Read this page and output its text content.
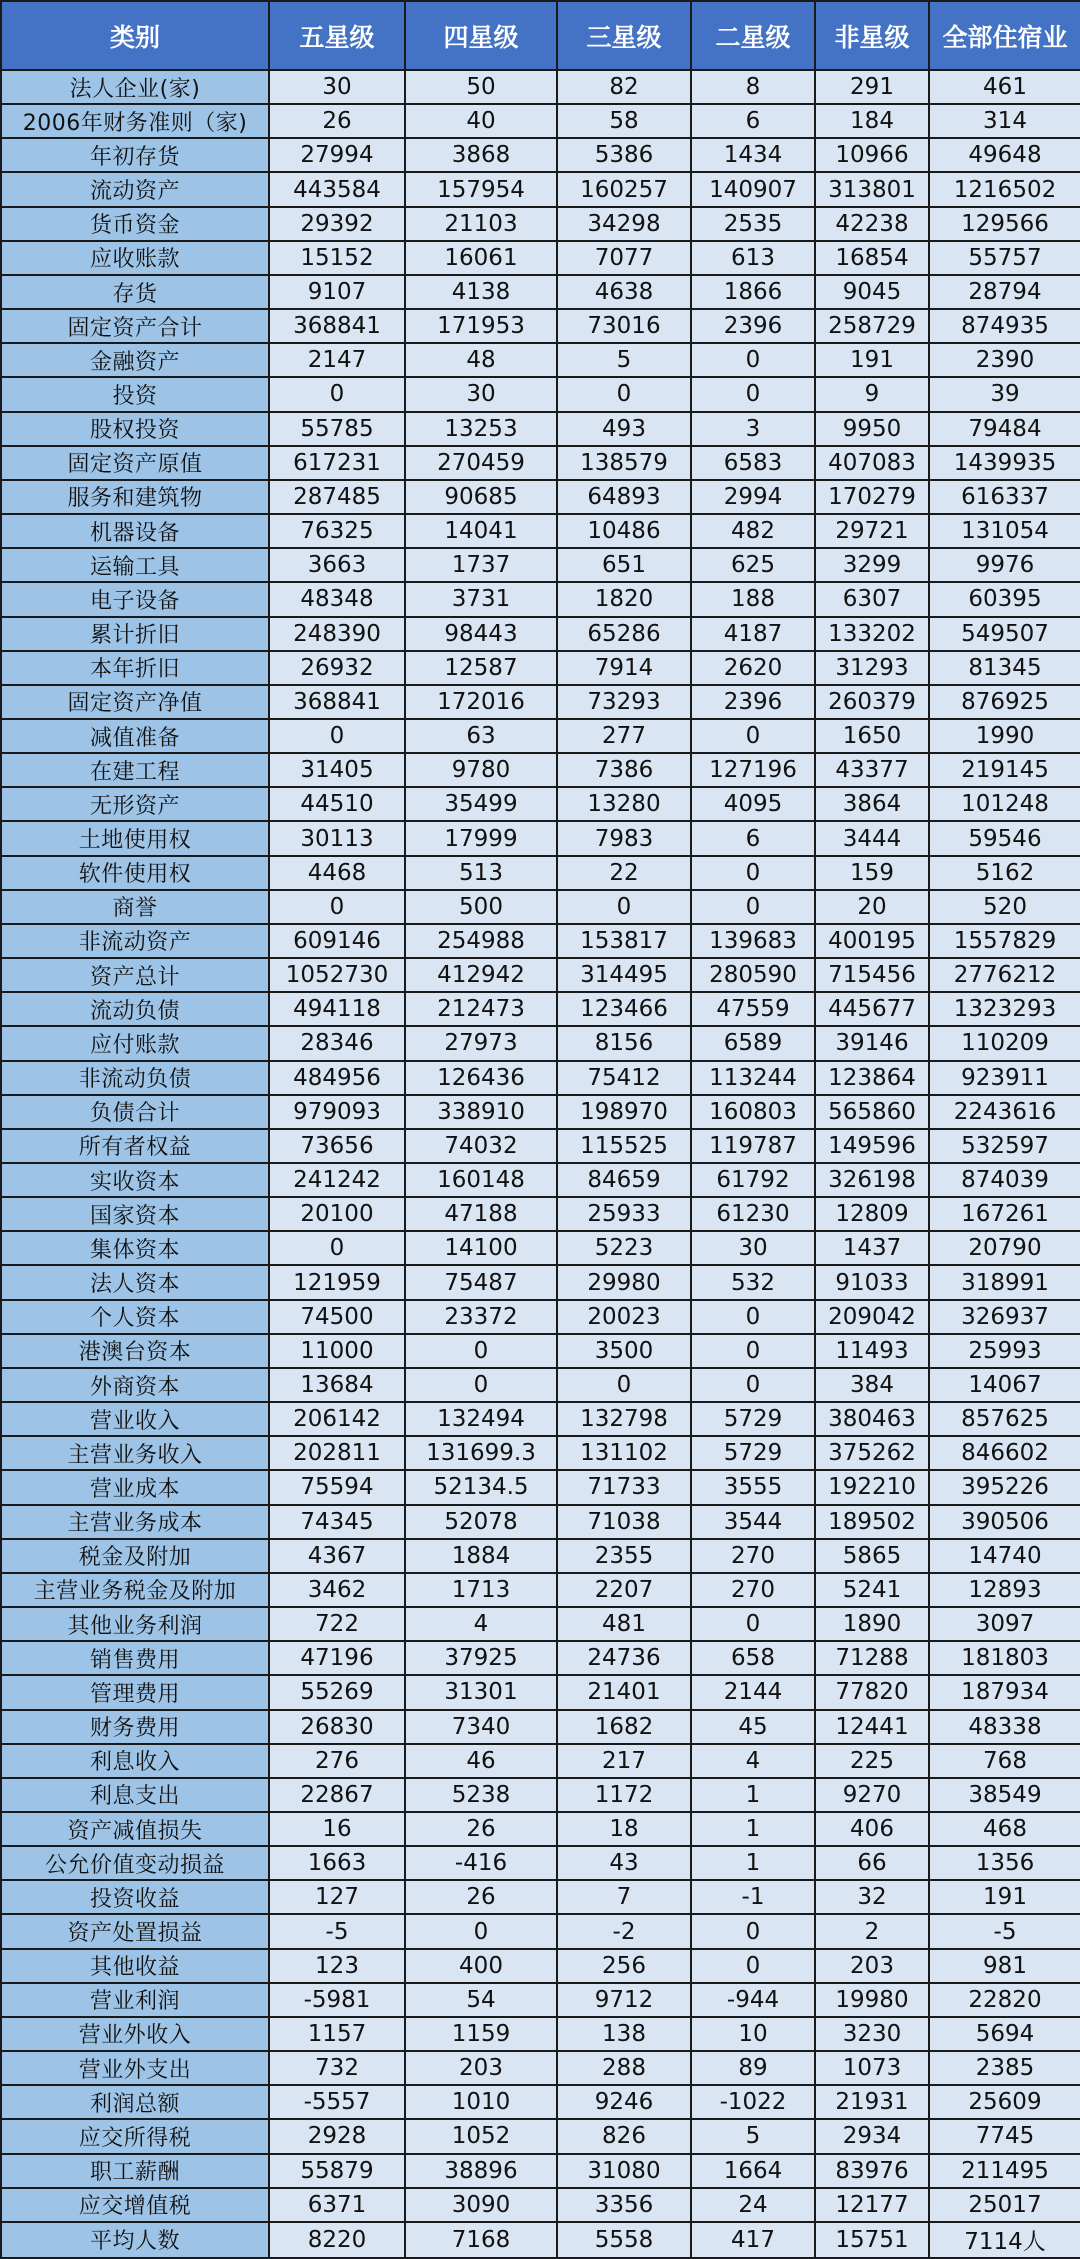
类别	五星级	四星级	三星级	二星级	非星级	全部住宿业
法人企业(家)	30	50	82	8	291	461
2006年财务准则（家)	26	40	58	6	184	314
年初存货	27994	3868	5386	1434	10966	49648
流动资产	443584	157954	160257	140907	313801	1216502
货币资金	29392	21103	34298	2535	42238	129566
应收账款	15152	16061	7077	613	16854	55757
存货	9107	4138	4638	1866	9045	28794
固定资产合计	368841	171953	73016	2396	258729	874935
金融资产	2147	48	5	0	191	2390
投资	0	30	0	0	9	39
股权投资	55785	13253	493	3	9950	79484
固定资产原值	617231	270459	138579	6583	407083	1439935
服务和建筑物	287485	90685	64893	2994	170279	616337
机器设备	76325	14041	10486	482	29721	131054
运输工具	3663	1737	651	625	3299	9976
电子设备	48348	3731	1820	188	6307	60395
累计折旧	248390	98443	65286	4187	133202	549507
本年折旧	26932	12587	7914	2620	31293	81345
固定资产净值	368841	172016	73293	2396	260379	876925
减值准备	0	63	277	0	1650	1990
在建工程	31405	9780	7386	127196	43377	219145
无形资产	44510	35499	13280	4095	3864	101248
土地使用权	30113	17999	7983	6	3444	59546
软件使用权	4468	513	22	0	159	5162
商誉	0	500	0	0	20	520
非流动资产	609146	254988	153817	139683	400195	1557829
资产总计	1052730	412942	314495	280590	715456	2776212
流动负债	494118	212473	123466	47559	445677	1323293
应付账款	28346	27973	8156	6589	39146	110209
非流动负债	484956	126436	75412	113244	123864	923911
负债合计	979093	338910	198970	160803	565860	2243616
所有者权益	73656	74032	115525	119787	149596	532597
实收资本	241242	160148	84659	61792	326198	874039
国家资本	20100	47188	25933	61230	12809	167261
集体资本	0	14100	5223	30	1437	20790
法人资本	121959	75487	29980	532	91033	318991
个人资本	74500	23372	20023	0	209042	326937
港澳台资本	11000	0	3500	0	11493	25993
外商资本	13684	0	0	0	384	14067
营业收入	206142	132494	132798	5729	380463	857625
主营业务收入	202811	131699.3	131102	5729	375262	846602
营业成本	75594	52134.5	71733	3555	192210	395226
主营业务成本	74345	52078	71038	3544	189502	390506
税金及附加	4367	1884	2355	270	5865	14740
主营业务税金及附加	3462	1713	2207	270	5241	12893
其他业务利润	722	4	481	0	1890	3097
销售费用	47196	37925	24736	658	71288	181803
管理费用	55269	31301	21401	2144	77820	187934
财务费用	26830	7340	1682	45	12441	48338
利息收入	276	46	217	4	225	768
利息支出	22867	5238	1172	1	9270	38549
资产减值损失	16	26	18	1	406	468
公允价值变动损益	1663	-416	43	1	66	1356
投资收益	127	26	7	-1	32	191
资产处置损益	-5	0	-2	0	2	-5
其他收益	123	400	256	0	203	981
营业利润	-5981	54	9712	-944	19980	22820
营业外收入	1157	1159	138	10	3230	5694
营业外支出	732	203	288	89	1073	2385
利润总额	-5557	1010	9246	-1022	21931	25609
应交所得税	2928	1052	826	5	2934	7745
职工薪酬	55879	38896	31080	1664	83976	211495
应交增值税	6371	3090	3356	24	12177	25017
平均人数	8220	7168	5558	417	15751	7114人
